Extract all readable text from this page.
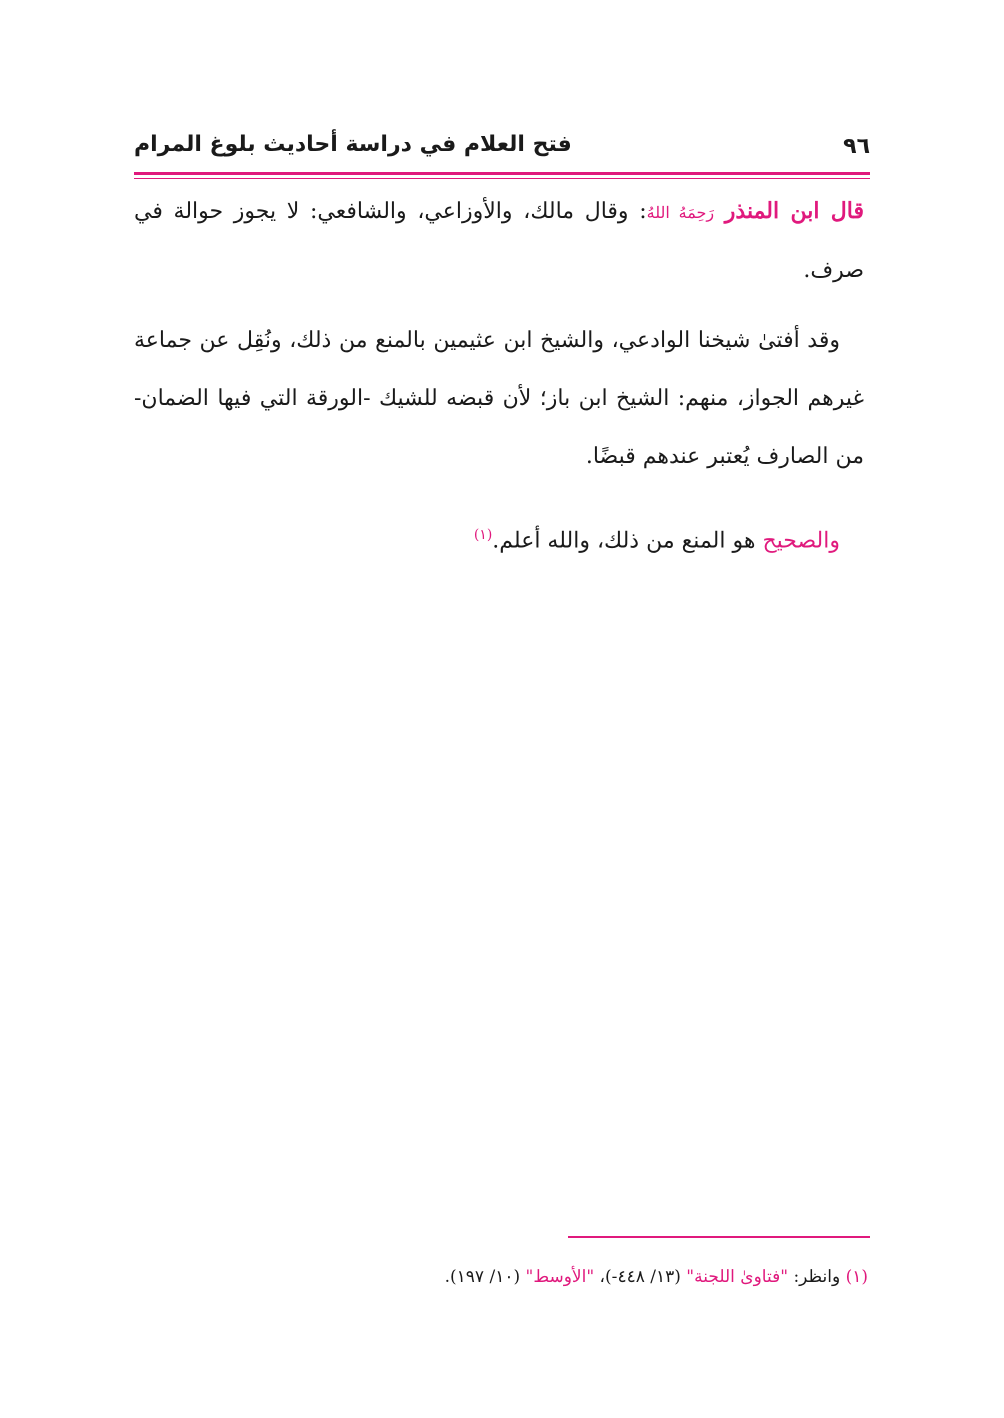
٩٦
فتح العلام في دراسة أحاديث بلوغ المرام
قال ابن المنذر رَحِمَهُ اللهُ: وقال مالك، والأوزاعي، والشافعي: لا يجوز حوالة في صرف.
وقد أفتىٰ شيخنا الوادعي، والشيخ ابن عثيمين بالمنع من ذلك، ونُقِل عن جماعة غيرهم الجواز، منهم: الشيخ ابن باز؛ لأن قبضه للشيك -الورقة التي فيها الضمان- من الصارف يُعتبر عندهم قبضًا.
والصحيح هو المنع من ذلك، والله أعلم.$^{(١)}$
(١) وانظر: "فتاوىٰ اللجنة" (١٣/ ٤٤٨-)، "الأوسط" (١٠/ ١٩٧).
